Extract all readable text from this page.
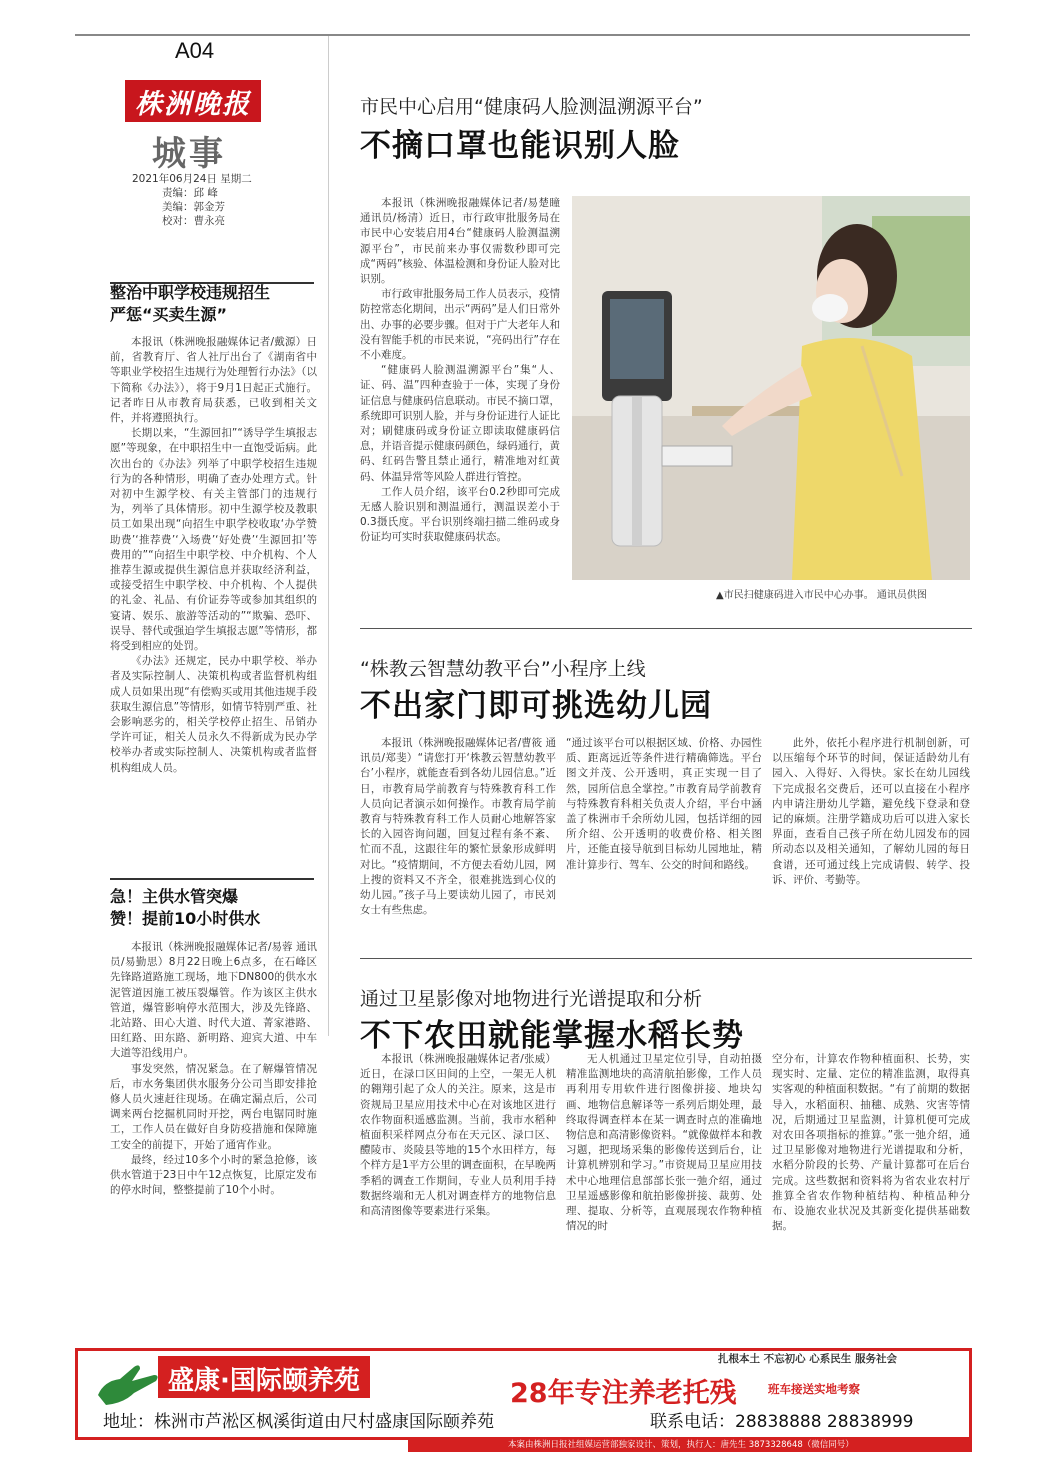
A04
株洲晚报
城事
2021年06月24日 星期二
责编：邱 峰
美编：郭金芳
校对：曹永亮
整治中职学校违规招生
严惩“买卖生源”

本报讯（株洲晚报融媒体记者/戴源）日前，省教育厅、省人社厅出台了《湖南省中等职业学校招生违规行为处理暂行办法》（以下简称《办法》），将于9月1日起正式施行。记者昨日从市教育局获悉，已收到相关文件，并将遵照执行。

长期以来，“生源回扣”“诱导学生填报志愿”等现象，在中职招生中一直饱受诟病。此次出台的《办法》列举了中职学校招生违规行为的各种情形，明确了查办处理方式。针对初中生源学校、有关主管部门的违规行为，列举了具体情形。初中生源学校及教职员工如果出现“向招生中职学校收取‘办学赞助费’‘推荐费’‘入场费’‘好处费’‘生源回扣’等费用的”“向招生中职学校、中介机构、个人推荐生源或提供生源信息并获取经济利益，或接受招生中职学校、中介机构、个人提供的礼金、礼品、有价证券等或参加其组织的宴请、娱乐、旅游等活动的”“欺骗、恐吓、误导、替代或强迫学生填报志愿”等情形，都将受到相应的处罚。

《办法》还规定，民办中职学校、举办者及实际控制人、决策机构或者监督机构组成人员如果出现“有偿购买或用其他违规手段获取生源信息”等情形，如情节特别严重、社会影响恶劣的，相关学校停止招生、吊销办学许可证，相关人员永久不得新成为民办学校举办者或实际控制人、决策机构或者监督机构组成人员。

急！主供水管突爆
赞！提前10小时供水

本报讯（株洲晚报融媒体记者/易蓉 通讯员/易勤思）8月22日晚上6点多，在石峰区先锋路道路施工现场，地下DN800的供水水泥管道因施工被压裂爆管。作为该区主供水管道，爆管影响停水范围大，涉及先锋路、北站路、田心大道、时代大道、菁家港路、田红路、田东路、新明路、迎宾大道、中车大道等沿线用户。

事发突然，情况紧急。在了解爆管情况后，市水务集团供水服务分公司当即安排抢修人员火速赶往现场。在确定漏点后，公司调来两台挖掘机同时开挖，两台电锯同时施工，工作人员在做好自身防疫措施和保障施工安全的前提下，开始了通宵作业。

最终，经过10多个小时的紧急抢修，该供水管道于23日中午12点恢复，比原定发布的停水时间，整整提前了10个小时。

市民中心启用“健康码人脸测温溯源平台”
不摘口罩也能识别人脸

本报讯（株洲晚报融媒体记者/易楚瞳 通讯员/杨清）近日，市行政审批服务局在市民中心安装启用4台“健康码人脸测温溯源平台”，市民前来办事仅需数秒即可完成“两码”核验、体温检测和身份证人脸对比识别。

市行政审批服务局工作人员表示，疫情防控常态化期间，出示“两码”是人们日常外出、办事的必要步骤。但对于广大老年人和没有智能手机的市民来说，“亮码出行”存在不小难度。

“健康码人脸测温溯源平台”集“人、证、码、温”四种查验于一体，实现了身份证信息与健康码信息联动。市民不摘口罩，系统即可识别人脸，并与身份证进行人证比对；刷健康码或身份证立即读取健康码信息，并语音提示健康码颜色，绿码通行，黄码、红码告警且禁止通行，精准地对红黄码、体温异常等风险人群进行管控。

工作人员介绍，该平台0.2秒即可完成无感人脸识别和测温通行，测温误差小于0.3摄氏度。平台识别终端扫描二维码或身份证均可实时获取健康码状态。

▲市民扫健康码进入市民中心办事。 通讯员供图
“株教云智慧幼教平台”小程序上线
不出家门即可挑选幼儿园
本报讯（株洲晚报融媒体记者/曹筱 通讯员/郑斐）“请您打开‘株教云智慧幼教平台’小程序，就能查看到各幼儿园信息。”近日，市教育局学前教育与特殊教育科工作人员向记者演示如何操作。市教育局学前教育与特殊教育科工作人员耐心地解答家长的入园咨询问题，回复过程有条不紊、忙而不乱，这跟往年的繁忙景象形成鲜明对比。“疫情期间，不方便去看幼儿园，网上搜的资料又不齐全，很难挑选到心仪的幼儿园。”孩子马上要读幼儿园了，市民刘女士有些焦虑。
“通过该平台可以根据区域、价格、办园性质、距离远近等条件进行精确筛选。平台图文并茂、公开透明，真正实现一目了然，园所信息全掌控。”市教育局学前教育与特殊教育科相关负责人介绍，平台中涵盖了株洲市千余所幼儿园，包括详细的园所介绍、公开透明的收费价格、相关图片，还能直接导航到目标幼儿园地址，精准计算步行、驾车、公交的时间和路线。
此外，依托小程序进行机制创新，可以压缩每个环节的时间，保证适龄幼儿有园入、入得好、入得快。家长在幼儿园线下完成报名交费后，还可以直接在小程序内申请注册幼儿学籍，避免线下登录和登记的麻烦。注册学籍成功后可以进入家长界面，查看自己孩子所在幼儿园发布的园所动态以及相关通知，了解幼儿园的每日食谱，还可通过线上完成请假、转学、投诉、评价、考勤等。
通过卫星影像对地物进行光谱提取和分析
不下农田就能掌握水稻长势
本报讯（株洲晚报融媒体记者/张威）近日，在渌口区田间的上空，一架无人机的翱翔引起了众人的关注。原来，这是市资规局卫星应用技术中心在对该地区进行农作物面积遥感监测。当前，我市水稻种植面积采样网点分布在天元区、渌口区、醴陵市、炎陵县等地的15个水田样方，每个样方是1平方公里的调查面积，在早晚两季稻的调查工作期间，专业人员利用手持数据终端和无人机对调查样方的地物信息和高清图像等要素进行采集。
无人机通过卫星定位引导，自动拍摄精准监测地块的高清航拍影像，工作人员再利用专用软件进行图像拼接、地块勾画、地物信息解译等一系列后期处理，最终取得调查样本在某一调查时点的准确地物信息和高清影像资料。“就像做样本和教习题，把现场采集的影像传送到后台，让计算机辨别和学习。”市资规局卫星应用技术中心地理信息部部长张一弛介绍，通过卫星遥感影像和航拍影像拼接、裁剪、处理、提取、分析等，直观展现农作物种植情况的时
空分布，计算农作物种植面积、长势，实现实时、定量、定位的精准监测，取得真实客观的种植面积数据。“有了前期的数据导入，水稻面积、抽穗、成熟、灾害等情况，后期通过卫星监测，计算机便可完成对农田各项指标的推算。”张一弛介绍，通过卫星影像对地物进行光谱提取和分析，水稻分阶段的长势、产量计算都可在后台完成。这些数据和资料将为省农业农村厅推算全省农作物种植结构、种植品种分布、设施农业状况及其新变化提供基础数据。
盛康·国际颐养苑
扎根本土 不忘初心 心系民生 服务社会
28年专注养老托残	班车接送实地考察
地址：株洲市芦淞区枫溪街道由尺村盛康国际颐养苑	联系电话：28838888 28838999
本案由株洲日报社组媒运营部独家设计、策划，执行人：唐先生 3873328648（微信同号）
